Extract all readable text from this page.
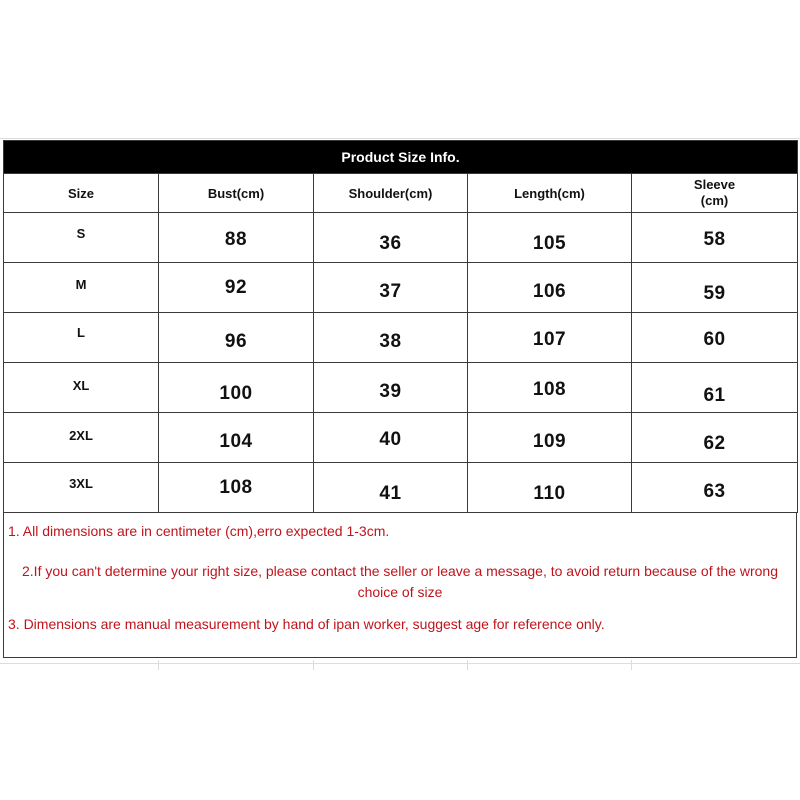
Product Size Info.				
Size	Bust(cm)	Shoulder(cm)	Length(cm)	Sleeve
(cm)
$^S$	88	36	105	58
M	92	37	106	59
$^L$	96	38	107	60
XL	100	39	108	61
2XL	104	40	109	62
$^{3XL}$	108	41	110	63
1. All dimensions are in centimeter (cm),erro expected 1-3cm.
2.If you can't determine your right size, please contact the seller or leave a message, to avoid return because of the wrong choice of size
3. Dimensions are manual measurement by hand of ipan worker, suggest age for reference only.
